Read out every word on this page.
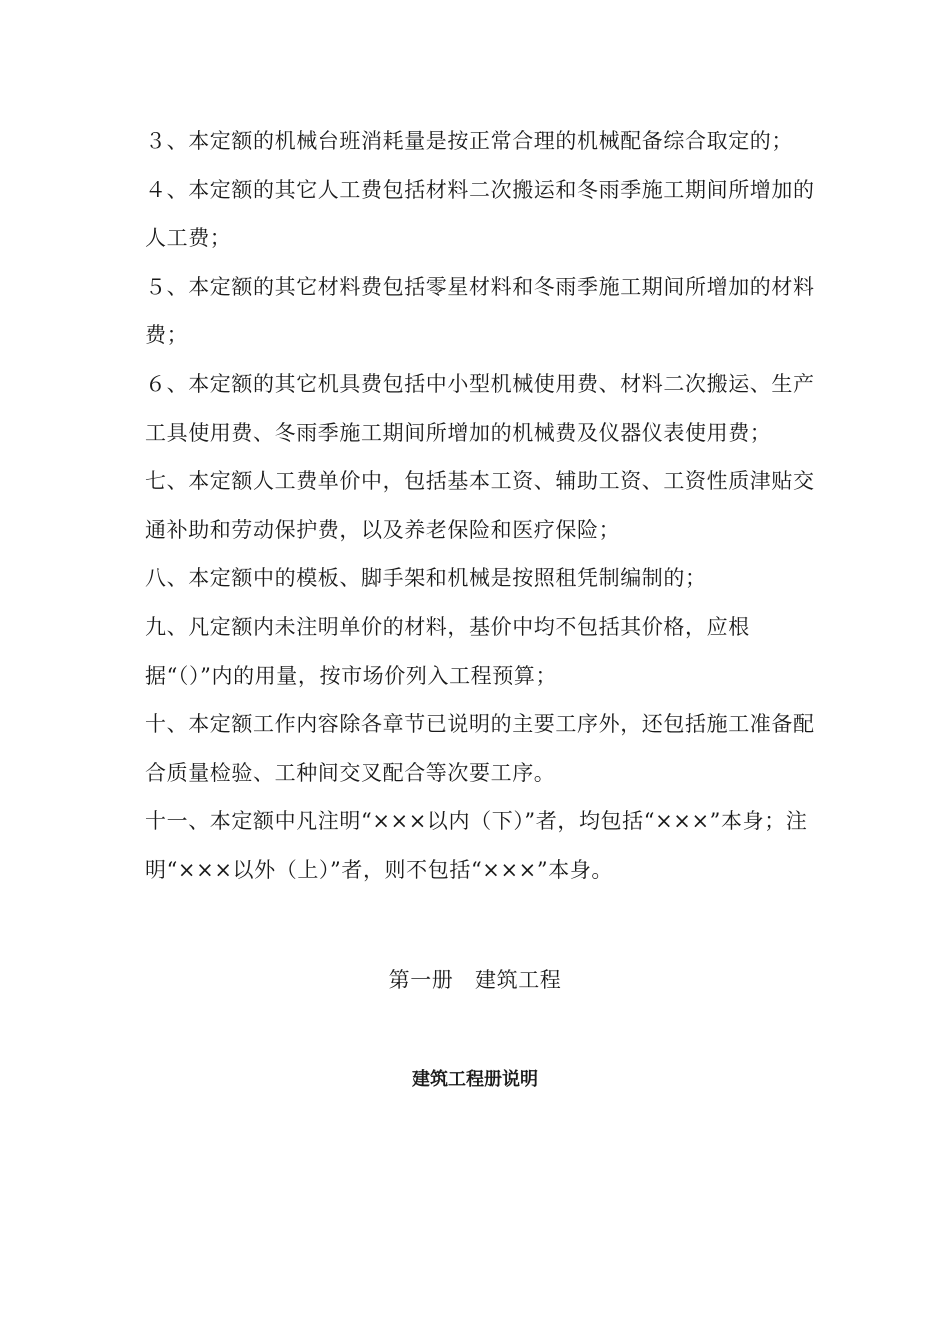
３、本定额的机械台班消耗量是按正常合理的机械配备综合取定的；

４、本定额的其它人工费包括材料二次搬运和冬雨季施工期间所增加的人工费；

５、本定额的其它材料费包括零星材料和冬雨季施工期间所增加的材料费；

６、本定额的其它机具费包括中小型机械使用费、材料二次搬运、生产工具使用费、冬雨季施工期间所增加的机械费及仪器仪表使用费；

七、本定额人工费单价中，包括基本工资、辅助工资、工资性质津贴交通补助和劳动保护费，以及养老保险和医疗保险；

八、本定额中的模板、脚手架和机械是按照租凭制编制的；

九、凡定额内未注明单价的材料，基价中均不包括其价格，应根据“（）”内的用量，按市场价列入工程预算；

十、本定额工作内容除各章节已说明的主要工序外，还包括施工准备配合质量检验、工种间交叉配合等次要工序。

十一、本定额中凡注明“×××以内（下）”者，均包括“×××”本身；注明“×××以外（上）”者，则不包括“×××”本身。

第一册　建筑工程
建筑工程册说明
